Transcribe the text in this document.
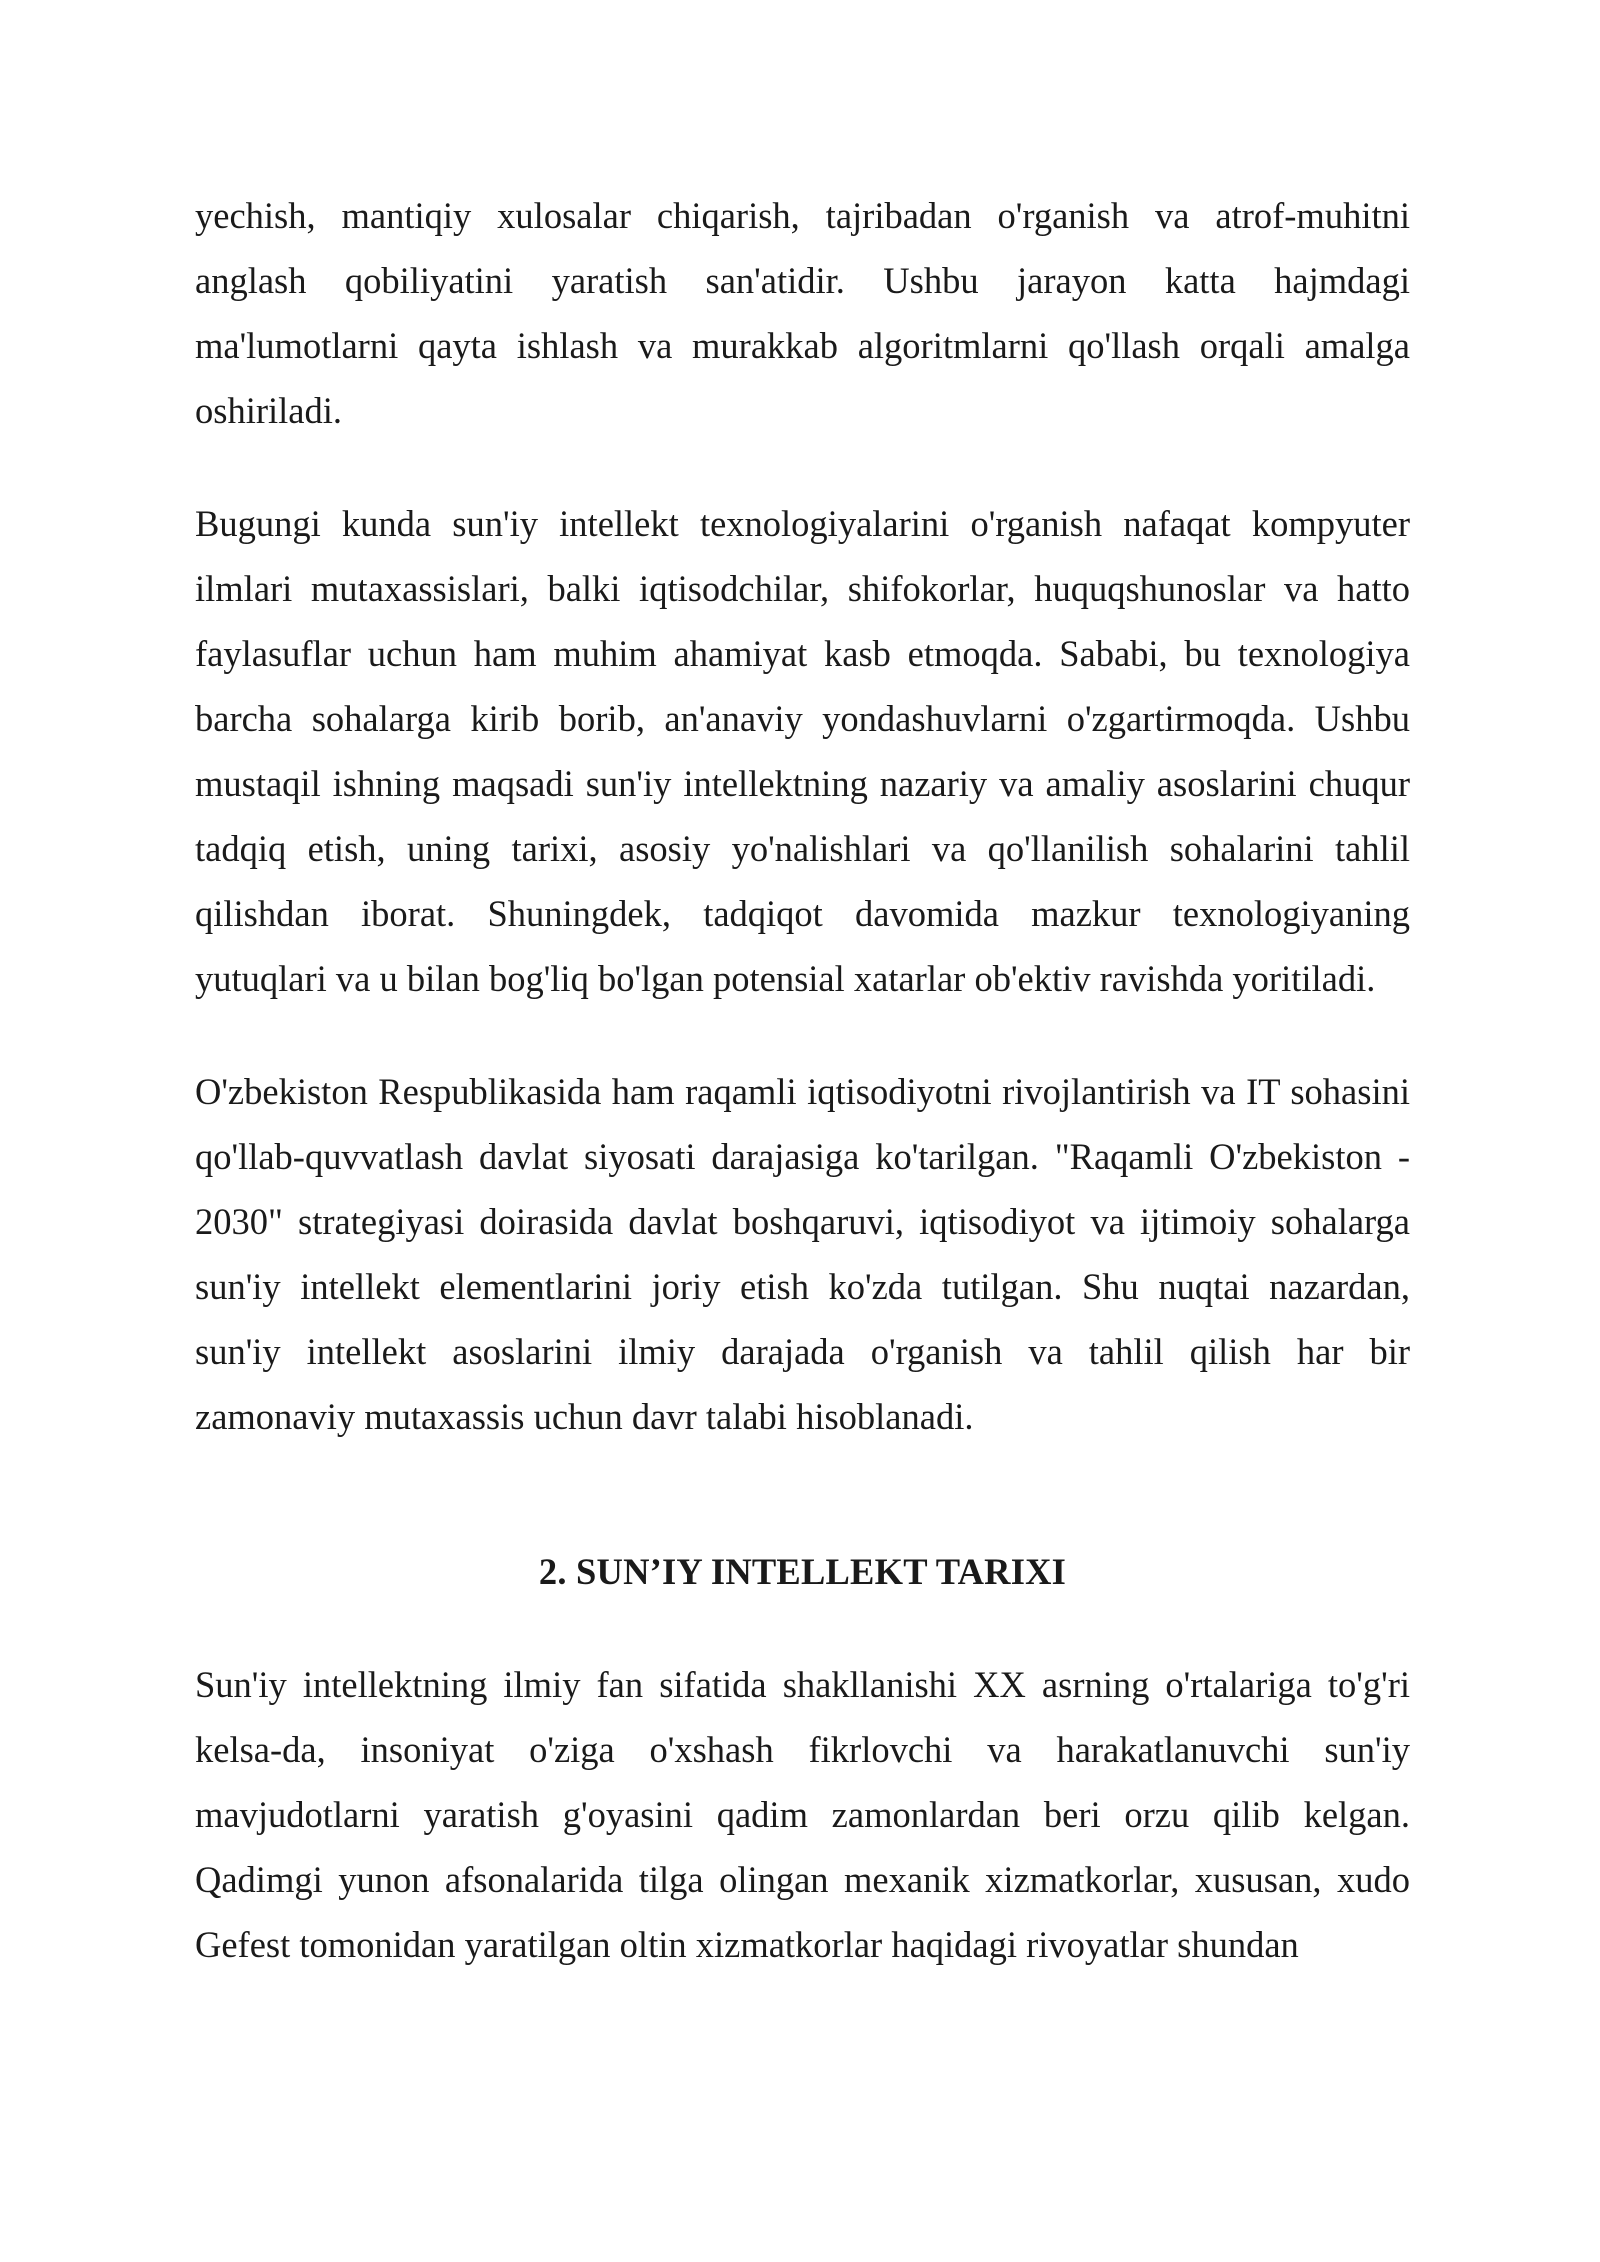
yechish, mantiqiy xulosalar chiqarish, tajribadan o'rganish va atrof-muhitni anglash qobiliyatini yaratish san'atidir. Ushbu jarayon katta hajmdagi ma'lumotlarni qayta ishlash va murakkab algoritmlarni qo'llash orqali amalga oshiriladi.

Bugungi kunda sun'iy intellekt texnologiyalarini o'rganish nafaqat kompyuter ilmlari mutaxassislari, balki iqtisodchilar, shifokorlar, huquqshunoslar va hatto faylasuflar uchun ham muhim ahamiyat kasb etmoqda. Sababi, bu texnologiya barcha sohalarga kirib borib, an'anaviy yondashuvlarni o'zgartirmoqda. Ushbu mustaqil ishning maqsadi sun'iy intellektning nazariy va amaliy asoslarini chuqur tadqiq etish, uning tarixi, asosiy yo'nalishlari va qo'llanilish sohalarini tahlil qilishdan iborat. Shuningdek, tadqiqot davomida mazkur texnologiyaning yutuqlari va u bilan bog'liq bo'lgan potensial xatarlar ob'ektiv ravishda yoritiladi.

O'zbekiston Respublikasida ham raqamli iqtisodiyotni rivojlantirish va IT sohasini qo'llab-quvvatlash davlat siyosati darajasiga ko'tarilgan. "Raqamli O'zbekiston - 2030" strategiyasi doirasida davlat boshqaruvi, iqtisodiyot va ijtimoiy sohalarga sun'iy intellekt elementlarini joriy etish ko'zda tutilgan. Shu nuqtai nazardan, sun'iy intellekt asoslarini ilmiy darajada o'rganish va tahlil qilish har bir zamonaviy mutaxassis uchun davr talabi hisoblanadi.

2. SUN’IY INTELLEKT TARIXI

Sun'iy intellektning ilmiy fan sifatida shakllanishi XX asrning o'rtalariga to'g'ri kelsa-da, insoniyat o'ziga o'xshash fikrlovchi va harakatlanuvchi sun'iy mavjudotlarni yaratish g'oyasini qadim zamonlardan beri orzu qilib kelgan. Qadimgi yunon afsonalarida tilga olingan mexanik xizmatkorlar, xususan, xudo Gefest tomonidan yaratilgan oltin xizmatkorlar haqidagi rivoyatlar shundan
